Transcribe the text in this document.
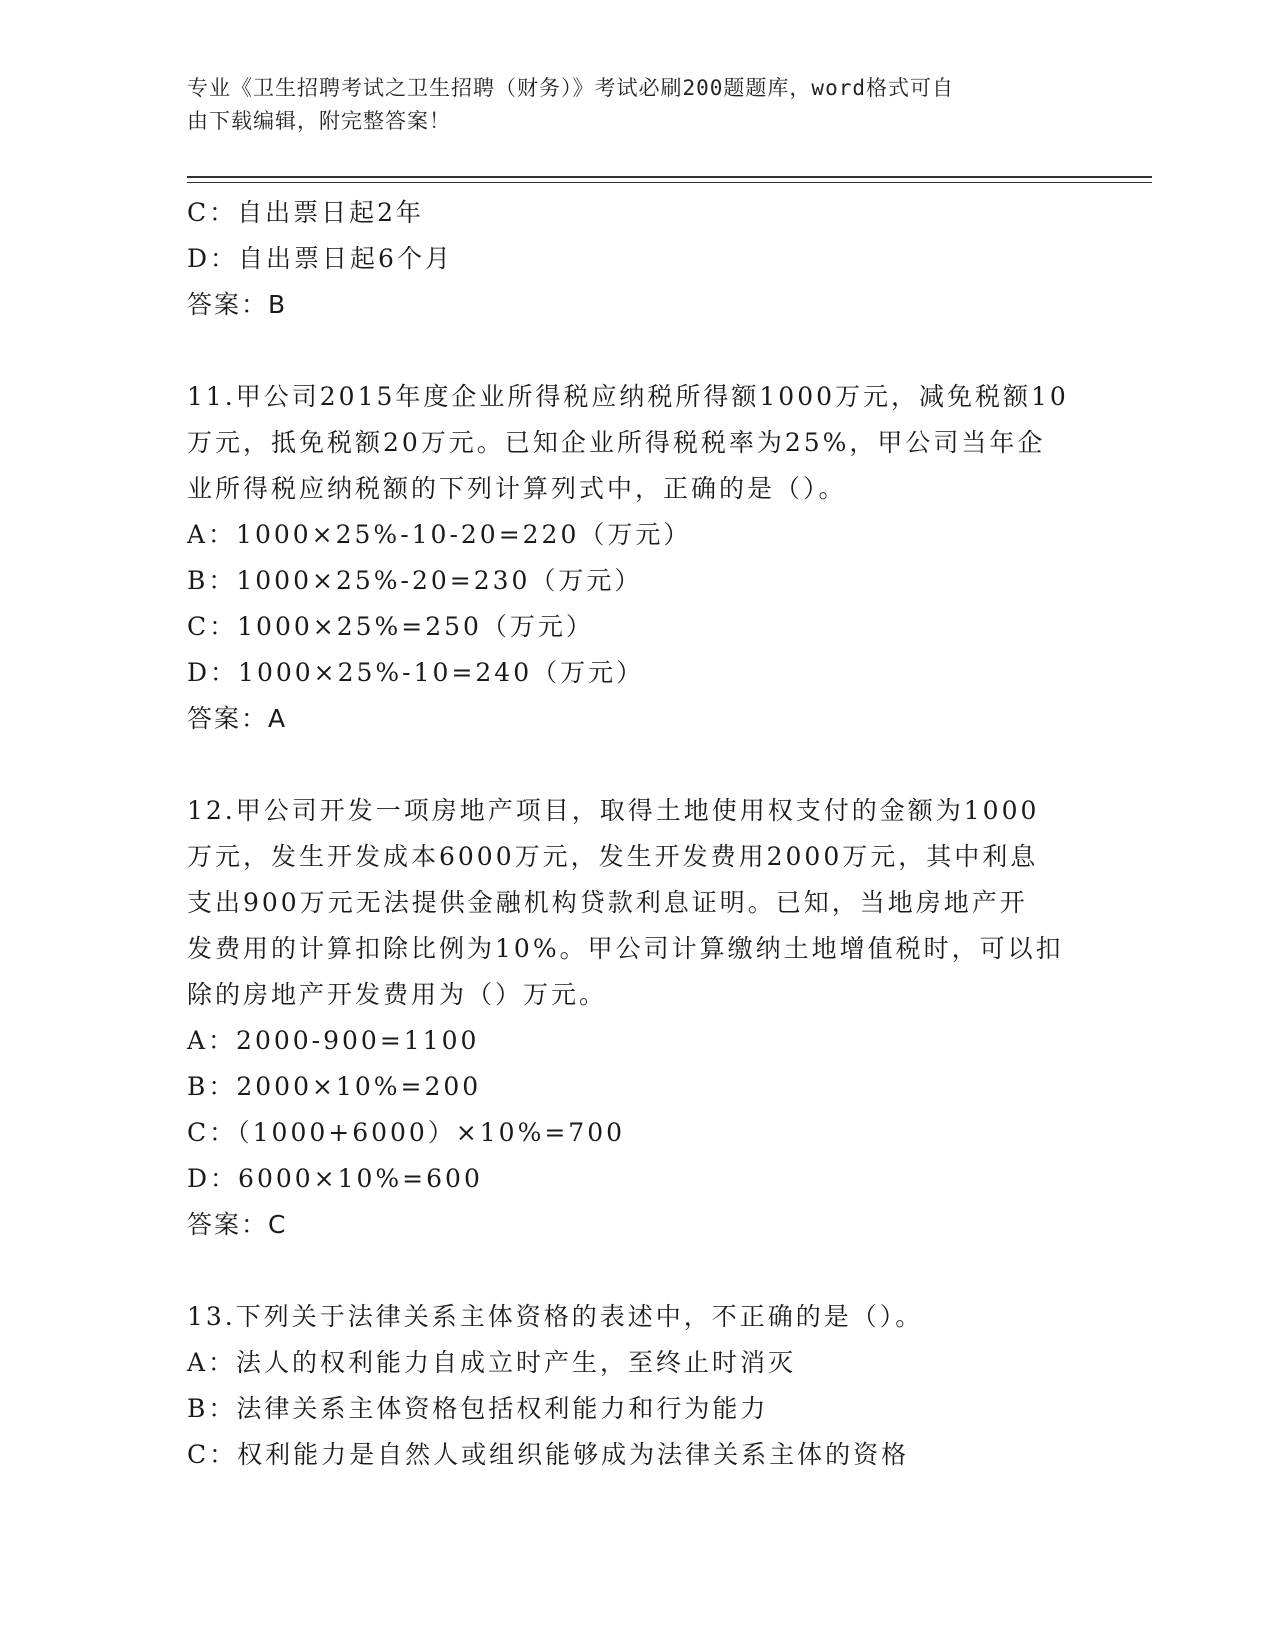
专业《卫生招聘考试之卫生招聘（财务）》考试必刷200题题库，word格式可自
由下载编辑，附完整答案！
C：自出票日起2年
D：自出票日起6个月
答案：B
11.甲公司2015年度企业所得税应纳税所得额1000万元，减免税额10
万元，抵免税额20万元。已知企业所得税税率为25%，甲公司当年企
业所得税应纳税额的下列计算列式中，正确的是（）。
A：1000×25%-10-20=220（万元）
B：1000×25%-20=230（万元）
C：1000×25%=250（万元）
D：1000×25%-10=240（万元）
答案：A
12.甲公司开发一项房地产项目，取得土地使用权支付的金额为1000
万元，发生开发成本6000万元，发生开发费用2000万元，其中利息
支出900万元无法提供金融机构贷款利息证明。已知，当地房地产开
发费用的计算扣除比例为10%。甲公司计算缴纳土地增值税时，可以扣
除的房地产开发费用为（）万元。
A：2000-900=1100
B：2000×10%=200
C：（1000+6000）×10%=700
D：6000×10%=600
答案：C
13.下列关于法律关系主体资格的表述中，不正确的是（）。
A：法人的权利能力自成立时产生，至终止时消灭
B：法律关系主体资格包括权利能力和行为能力
C：权利能力是自然人或组织能够成为法律关系主体的资格
